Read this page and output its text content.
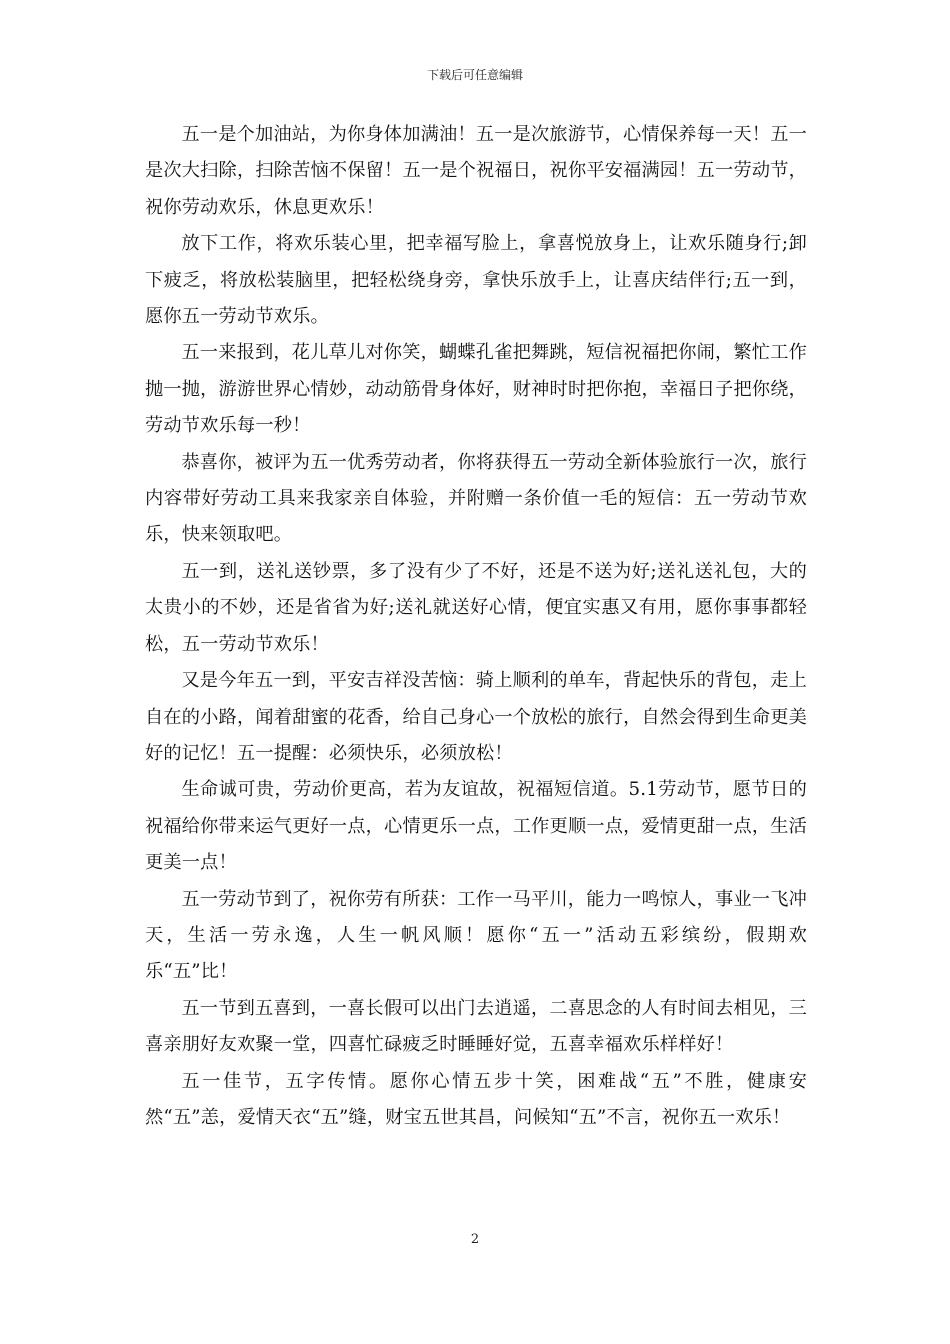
下载后可任意编辑

五一是个加油站，为你身体加满油！五一是次旅游节，心情保养每一天！五一是次大扫除，扫除苦恼不保留！五一是个祝福日，祝你平安福满园！五一劳动节，祝你劳动欢乐，休息更欢乐！

放下工作，将欢乐装心里，把幸福写脸上，拿喜悦放身上，让欢乐随身行;卸下疲乏，将放松装脑里，把轻松绕身旁，拿快乐放手上，让喜庆结伴行;五一到，愿你五一劳动节欢乐。

五一来报到，花儿草儿对你笑，蝴蝶孔雀把舞跳，短信祝福把你闹，繁忙工作抛一抛，游游世界心情妙，动动筋骨身体好，财神时时把你抱，幸福日子把你绕，劳动节欢乐每一秒！

恭喜你，被评为五一优秀劳动者，你将获得五一劳动全新体验旅行一次，旅行内容带好劳动工具来我家亲自体验，并附赠一条价值一毛的短信：五一劳动节欢乐，快来领取吧。

五一到，送礼送钞票，多了没有少了不好，还是不送为好;送礼送礼包，大的太贵小的不妙，还是省省为好;送礼就送好心情，便宜实惠又有用，愿你事事都轻松，五一劳动节欢乐！

又是今年五一到，平安吉祥没苦恼：骑上顺利的单车，背起快乐的背包，走上自在的小路，闻着甜蜜的花香，给自己身心一个放松的旅行，自然会得到生命更美好的记忆！五一提醒：必须快乐，必须放松！

生命诚可贵，劳动价更高，若为友谊故，祝福短信道。5.1劳动节，愿节日的祝福给你带来运气更好一点，心情更乐一点，工作更顺一点，爱情更甜一点，生活更美一点！

五一劳动节到了，祝你劳有所获：工作一马平川，能力一鸣惊人，事业一飞冲天，生活一劳永逸，人生一帆风顺！愿你“五一”活动五彩缤纷，假期欢乐“五”比！

五一节到五喜到，一喜长假可以出门去逍遥，二喜思念的人有时间去相见，三喜亲朋好友欢聚一堂，四喜忙碌疲乏时睡睡好觉，五喜幸福欢乐样样好！

五一佳节，五字传情。愿你心情五步十笑，困难战“五”不胜，健康安然“五”恙，爱情天衣“五”缝，财宝五世其昌，问候知“五”不言，祝你五一欢乐！

2
